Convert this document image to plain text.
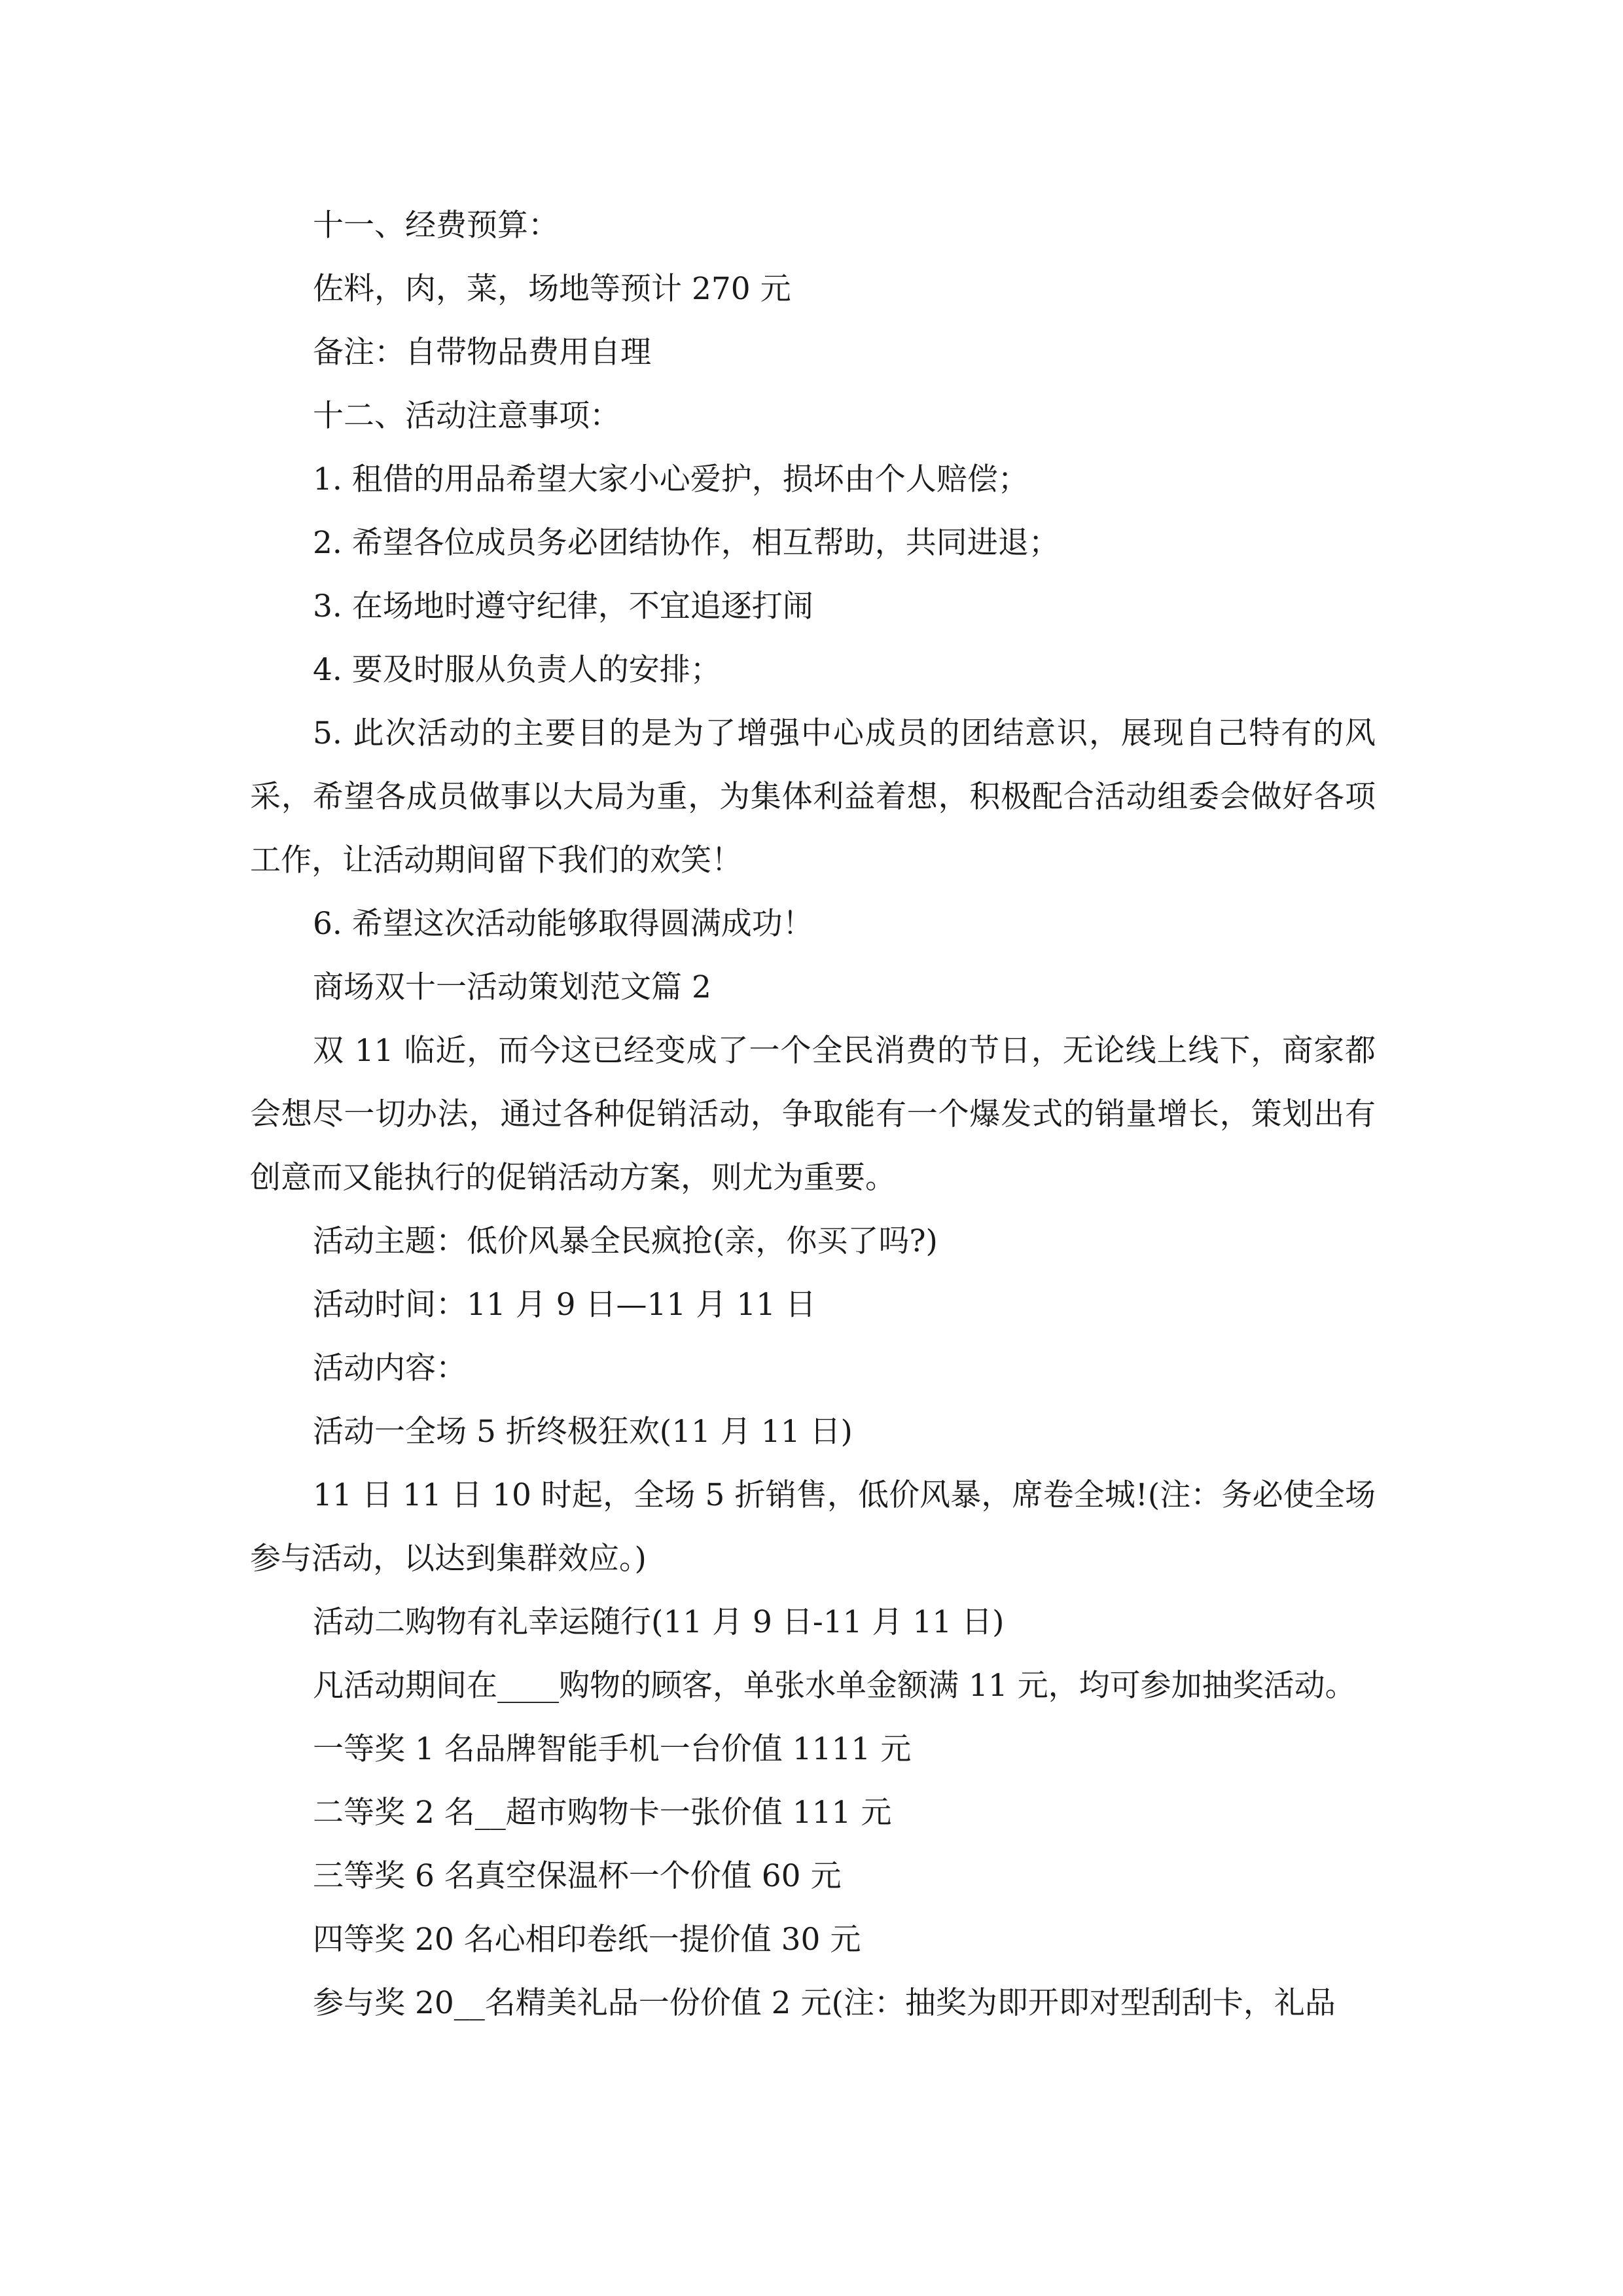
十一、经费预算：

佐料，肉，菜，场地等预计 270 元

备注：自带物品费用自理

十二、活动注意事项：

1. 租借的用品希望大家小心爱护，损坏由个人赔偿；

2. 希望各位成员务必团结协作，相互帮助，共同进退；

3. 在场地时遵守纪律，不宜追逐打闹

4. 要及时服从负责人的安排；

5. 此次活动的主要目的是为了增强中心成员的团结意识，展现自己特有的风采，希望各成员做事以大局为重，为集体利益着想，积极配合活动组委会做好各项工作，让活动期间留下我们的欢笑！

6. 希望这次活动能够取得圆满成功！

商场双十一活动策划范文篇 2

双 11 临近，而今这已经变成了一个全民消费的节日，无论线上线下，商家都会想尽一切办法，通过各种促销活动，争取能有一个爆发式的销量增长，策划出有创意而又能执行的促销活动方案，则尤为重要。

活动主题：低价风暴全民疯抢(亲，你买了吗?)

活动时间：11 月 9 日—11 月 11 日

活动内容：

活动一全场 5 折终极狂欢(11 月 11 日)

11 日 11 日 10 时起，全场 5 折销售，低价风暴，席卷全城!(注：务必使全场参与活动，以达到集群效应。)

活动二购物有礼幸运随行(11 月 9 日-11 月 11 日)

凡活动期间在____购物的顾客，单张水单金额满 11 元，均可参加抽奖活动。

一等奖 1 名品牌智能手机一台价值 1111 元

二等奖 2 名__超市购物卡一张价值 111 元

三等奖 6 名真空保温杯一个价值 60 元

四等奖 20 名心相印卷纸一提价值 30 元

参与奖 20__名精美礼品一份价值 2 元(注：抽奖为即开即对型刮刮卡，礼品
